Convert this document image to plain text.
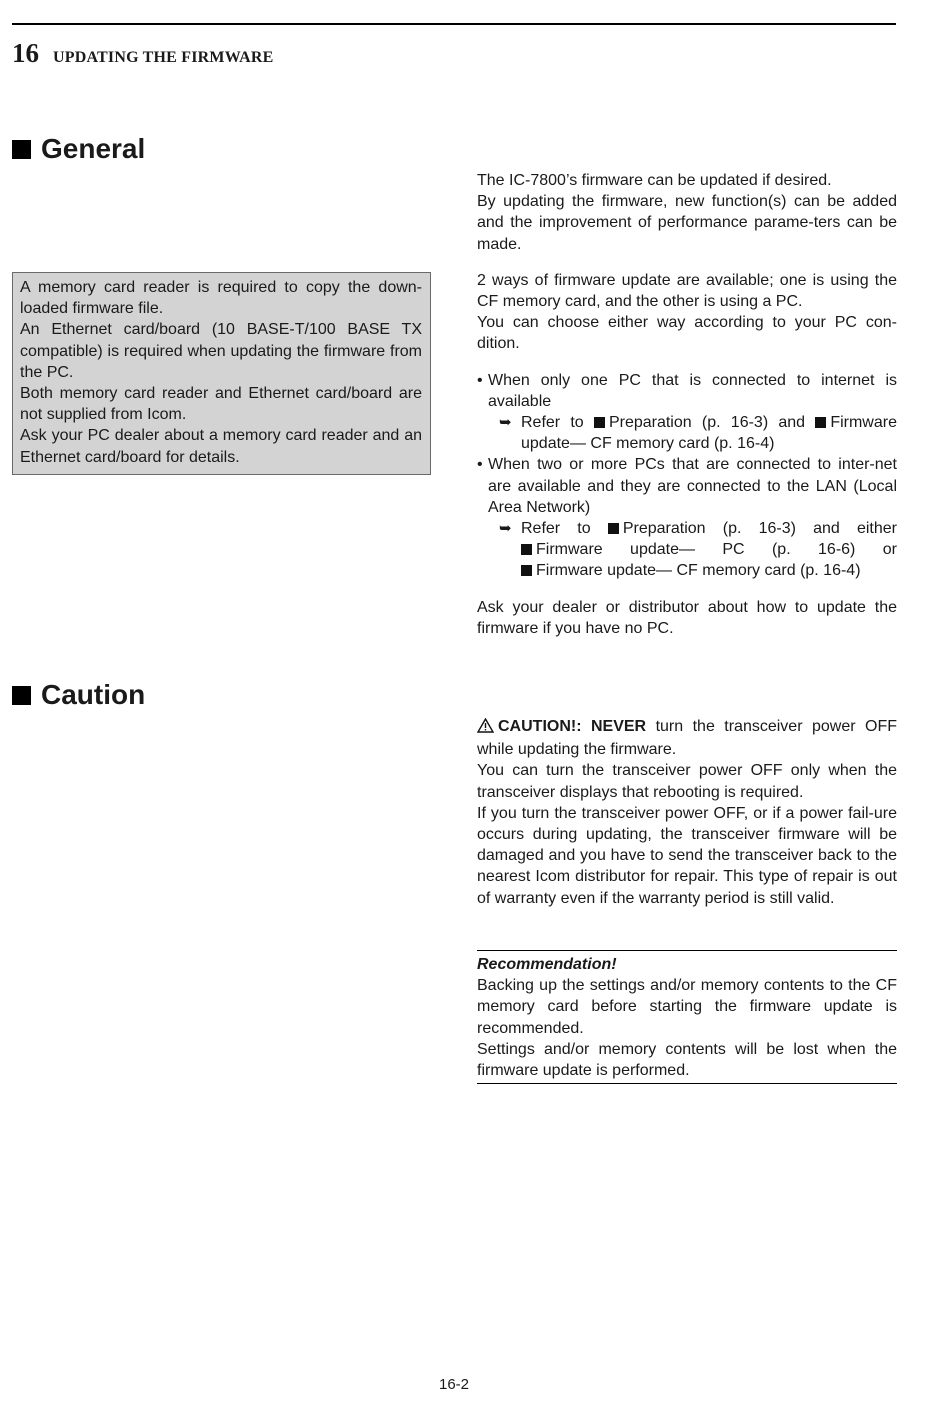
16 UPDATING THE FIRMWARE
General

A memory card reader is required to copy the down-loaded firmware file.

An Ethernet card/board (10 BASE-T/100 BASE TX compatible) is required when updating the firmware from the PC.

Both memory card reader and Ethernet card/board are not supplied from Icom.

Ask your PC dealer about a memory card reader and an Ethernet card/board for details.

The IC-7800’s firmware can be updated if desired.

By updating the firmware, new function(s) can be added and the improvement of performance parame-ters can be made.

2 ways of firmware update are available; one is using the CF memory card, and the other is using a PC.

You can choose either way according to your PC con-dition.

• When only one PC that is connected to internet is available
➥ Refer to Preparation (p. 16-3) and Firmware
update— CF memory card (p. 16-4)
• When two or more PCs that are connected to inter-net are available and they are connected to the LAN (Local Area Network)
➥ Refer to Preparation (p. 16-3) and either
Firmware update— PC (p. 16-6) or
Firmware update— CF memory card (p. 16-4)

Ask your dealer or distributor about how to update the firmware if you have no PC.

Caution

CAUTION!: NEVER turn the transceiver power OFF while updating the firmware.

You can turn the transceiver power OFF only when the transceiver displays that rebooting is required.

If you turn the transceiver power OFF, or if a power fail-ure occurs during updating, the transceiver firmware will be damaged and you have to send the transceiver back to the nearest Icom distributor for repair. This type of repair is out of warranty even if the warranty period is still valid.

Recommendation!

Backing up the settings and/or memory contents to the CF memory card before starting the firmware update is recommended.

Settings and/or memory contents will be lost when the firmware update is performed.

16-2
